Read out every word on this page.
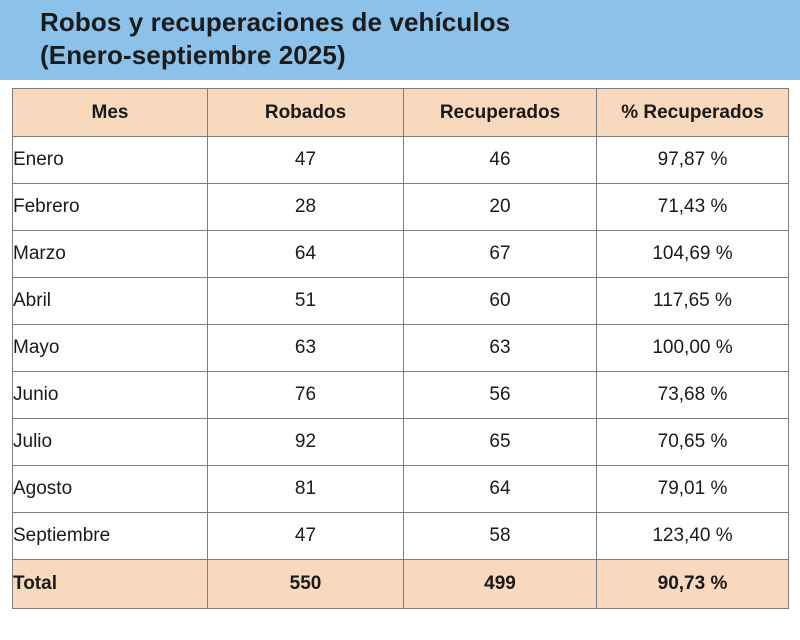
Robos y recuperaciones de vehículos
(Enero-septiembre 2025)
Mes	Robados	Recuperados	% Recuperados
Enero	47	46	97,87 %
Febrero	28	20	71,43 %
Marzo	64	67	104,69 %
Abril	51	60	117,65 %
Mayo	63	63	100,00 %
Junio	76	56	73,68 %
Julio	92	65	70,65 %
Agosto	81	64	79,01 %
Septiembre	47	58	123,40 %
Total	550	499	90,73 %
